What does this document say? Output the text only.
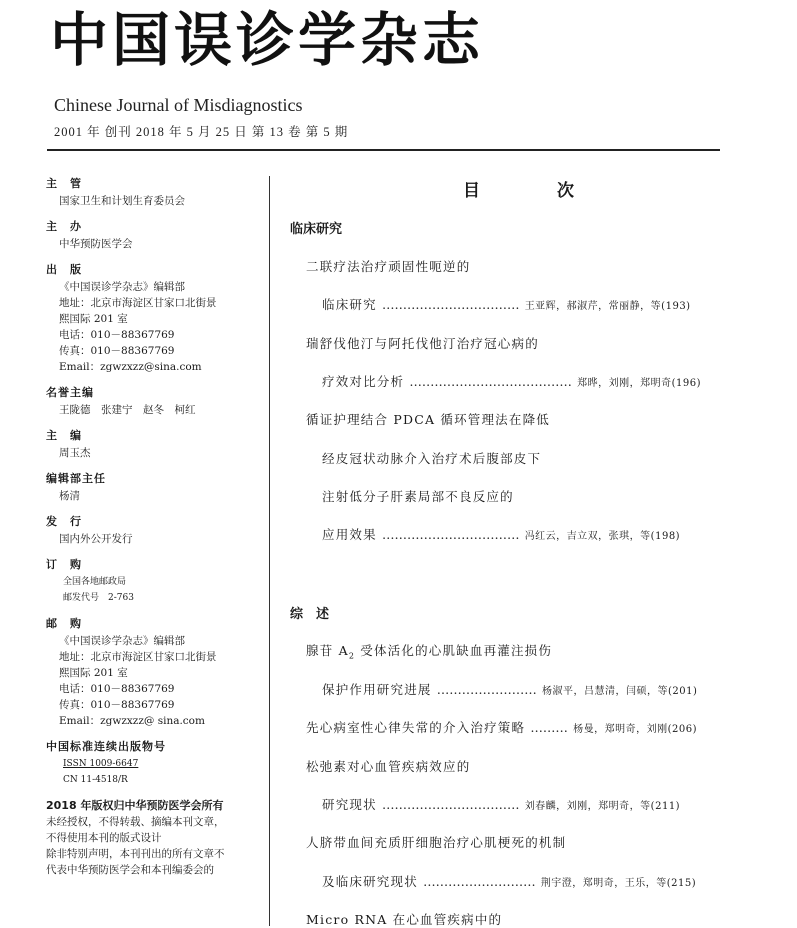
中国误诊学杂志
Chinese Journal of Misdiagnostics
2001 年 创刊 2018 年 5 月 25 日 第 13 卷 第 5 期
主　管
国家卫生和计划生育委员会
主　办
中华预防医学会
出　版
《中国误诊学杂志》编辑部
地址：北京市海淀区甘家口北街景
熙国际 201 室
电话：010－88367769
传真：010－88367769
Email：zgwzxzz@sina.com
名誉主编
王陇德　张建宁　赵冬　柯红
主　编
周玉杰
编辑部主任
杨清
发　行
国内外公开发行
订　购
全国各地邮政局
邮发代号　2-763
邮　购
《中国误诊学杂志》编辑部
地址：北京市海淀区甘家口北街景
熙国际 201 室
电话：010－88367769
传真：010－88367769
Email：zgwzxzz@ sina.com
中国标准连续出版物号
ISSN 1009-6647
CN 11-4518/R
2018 年版权归中华预防医学会所有
未经授权，不得转载、摘编本刊文章，
不得使用本刊的版式设计
除非特别声明，本刊刊出的所有文章不
代表中华预防医学会和本刊编委会的
目　次
临床研究
二联疗法治疗顽固性呃逆的
临床研究 …………………………… 王亚辉，郝淑芹，常丽静，等(193)
瑞舒伐他汀与阿托伐他汀治疗冠心病的
疗效对比分析 ………………………………… 郑晔，刘刚，郑明奇(196)
循证护理结合 PDCA 循环管理法在降低
经皮冠状动脉介入治疗术后腹部皮下
注射低分子肝素局部不良反应的
应用效果 …………………………… 冯红云，吉立双，张琪，等(198)
综　述
腺苷 $A_2$ 受体活化的心肌缺血再灌注损伤
保护作用研究进展 …………………… 杨淑平，吕慧清，闫硕，等(201)
先心病室性心律失常的介入治疗策略 ……… 杨曼，郑明奇，刘刚(206)
松弛素对心血管疾病效应的
研究现状 …………………………… 刘春麟，刘刚，郑明奇，等(211)
人脐带血间充质肝细胞治疗心肌梗死的机制
及临床研究现状 ……………………… 荆宇澄，郑明奇，王乐，等(215)
Micro RNA 在心血管疾病中的
